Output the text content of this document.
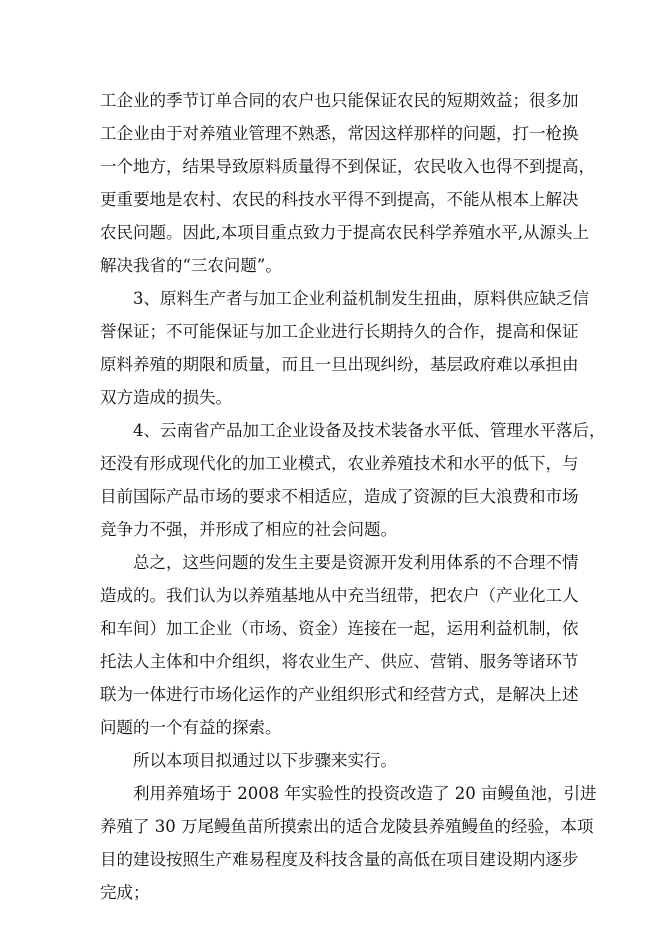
工企业的季节订单合同的农户也只能保证农民的短期效益；很多加
工企业由于对养殖业管理不熟悉，常因这样那样的问题，打一枪换
一个地方，结果导致原料质量得不到保证，农民收入也得不到提高，
更重要地是农村、农民的科技水平得不到提高，不能从根本上解决
农民问题。因此,本项目重点致力于提高农民科学养殖水平,从源头上
解决我省的“三农问题”。
3、原料生产者与加工企业利益机制发生扭曲，原料供应缺乏信
誉保证；不可能保证与加工企业进行长期持久的合作，提高和保证
原料养殖的期限和质量，而且一旦出现纠纷，基层政府难以承担由
双方造成的损失。
4、云南省产品加工企业设备及技术装备水平低、管理水平落后，
还没有形成现代化的加工业模式，农业养殖技术和水平的低下，与
目前国际产品市场的要求不相适应，造成了资源的巨大浪费和市场
竞争力不强，并形成了相应的社会问题。
总之，这些问题的发生主要是资源开发利用体系的不合理不情
造成的。我们认为以养殖基地从中充当纽带，把农户（产业化工人
和车间）加工企业（市场、资金）连接在一起，运用利益机制，依
托法人主体和中介组织，将农业生产、供应、营销、服务等诸环节
联为一体进行市场化运作的产业组织形式和经营方式，是解决上述
问题的一个有益的探索。
所以本项目拟通过以下步骤来实行。
利用养殖场于 2008 年实验性的投资改造了 20 亩鳗鱼池，引进
养殖了 30 万尾鳗鱼苗所摸索出的适合龙陵县养殖鳗鱼的经验，本项
目的建设按照生产难易程度及科技含量的高低在项目建设期内逐步
完成；
